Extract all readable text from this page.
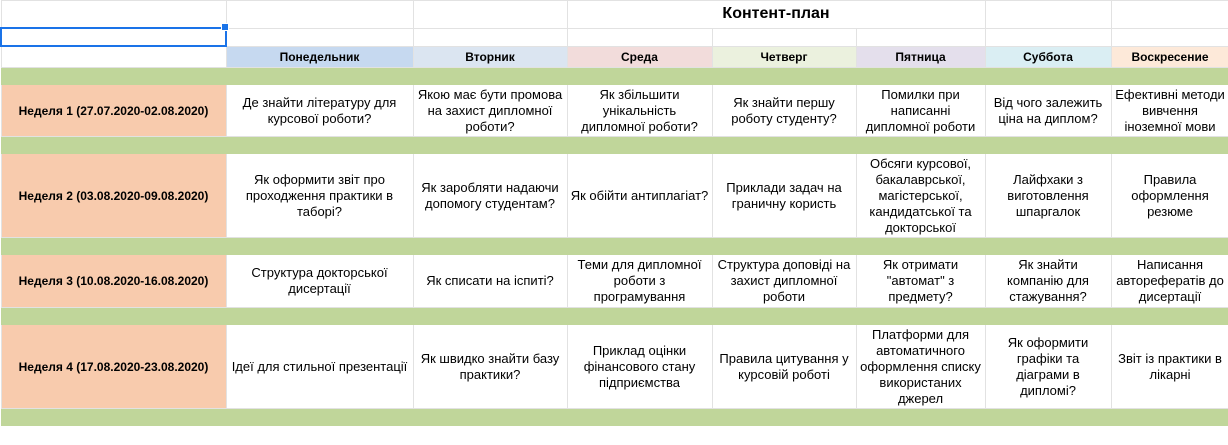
			Контент-план				

	Понедельник	Вторник	Среда	Четверг	Пятница	Суббота	Воскресение

Неделя 1 (27.07.2020-02.08.2020)	Де знайти літературу для курсової роботи?	Якою має бути промова на захист дипломної роботи?	Як збільшити унікальність дипломної роботи?	Як знайти першу роботу студенту?	Помилки при написанні дипломної роботи	Від чого залежить ціна на диплом?	Ефективні методи вивчення іноземної мови

Неделя 2 (03.08.2020-09.08.2020)	Як оформити звіт про проходження практики в таборі?	Як заробляти надаючи допомогу студентам?	Як обійти антиплагіат?	Приклади задач на граничну користь	Обсяги курсової, бакалаврської, магістерської, кандидатської та докторської	Лайфхаки з виготовлення шпаргалок	Правила оформлення резюме

Неделя 3 (10.08.2020-16.08.2020)	Структура докторської дисертації	Як списати на іспиті?	Теми для дипломної роботи з програмування	Структура доповіді на захист дипломної роботи	Як отримати "автомат" з предмету?	Як знайти компанію для стажування?	Написання авторефератів до дисертації

Неделя 4 (17.08.2020-23.08.2020)	Ідеї для стильної презентації	Як швидко знайти базу практики?	Приклад оцінки фінансового стану підприємства	Правила цитування у курсовій роботі	Платформи для автоматичного оформлення списку використаних джерел	Як оформити графіки та діаграми в дипломі?	Звіт із практики в лікарні
